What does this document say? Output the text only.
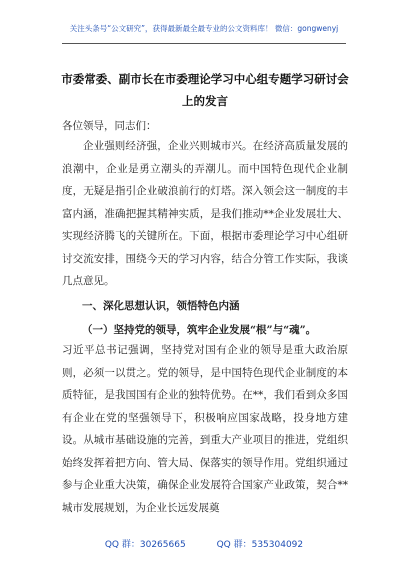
关注头条号“公文研究”，获得最新最全最专业的公文资料库！ 微信：gongwenyj
市委常委、副市长在市委理论学习中心组专题学习研讨会
上的发言
各位领导，同志们：

企业强则经济强，企业兴则城市兴。在经济高质量发展的浪潮中，企业是勇立潮头的弄潮儿。而中国特色现代企业制度，无疑是指引企业破浪前行的灯塔。深入领会这一制度的丰富内涵，准确把握其精神实质，是我们推动**企业发展壮大、实现经济腾飞的关键所在。下面，根据市委理论学习中心组研讨交流安排，围绕今天的学习内容，结合分管工作实际，我谈几点意见。

一、深化思想认识，领悟特色内涵
（一）坚持党的领导，筑牢企业发展“根”与“魂”。

习近平总书记强调，坚持党对国有企业的领导是重大政治原则，必须一以贯之。党的领导，是中国特色现代企业制度的本质特征，是我国国有企业的独特优势。在**，我们看到众多国有企业在党的坚强领导下，积极响应国家战略，投身地方建设。从城市基础设施的完善，到重大产业项目的推进，党组织始终发挥着把方向、管大局、保落实的领导作用。党组织通过参与企业重大决策，确保企业发展符合国家产业政策，契合**城市发展规划，为企业长远发展奠

QQ 群：30265665	QQ 群：535304092
